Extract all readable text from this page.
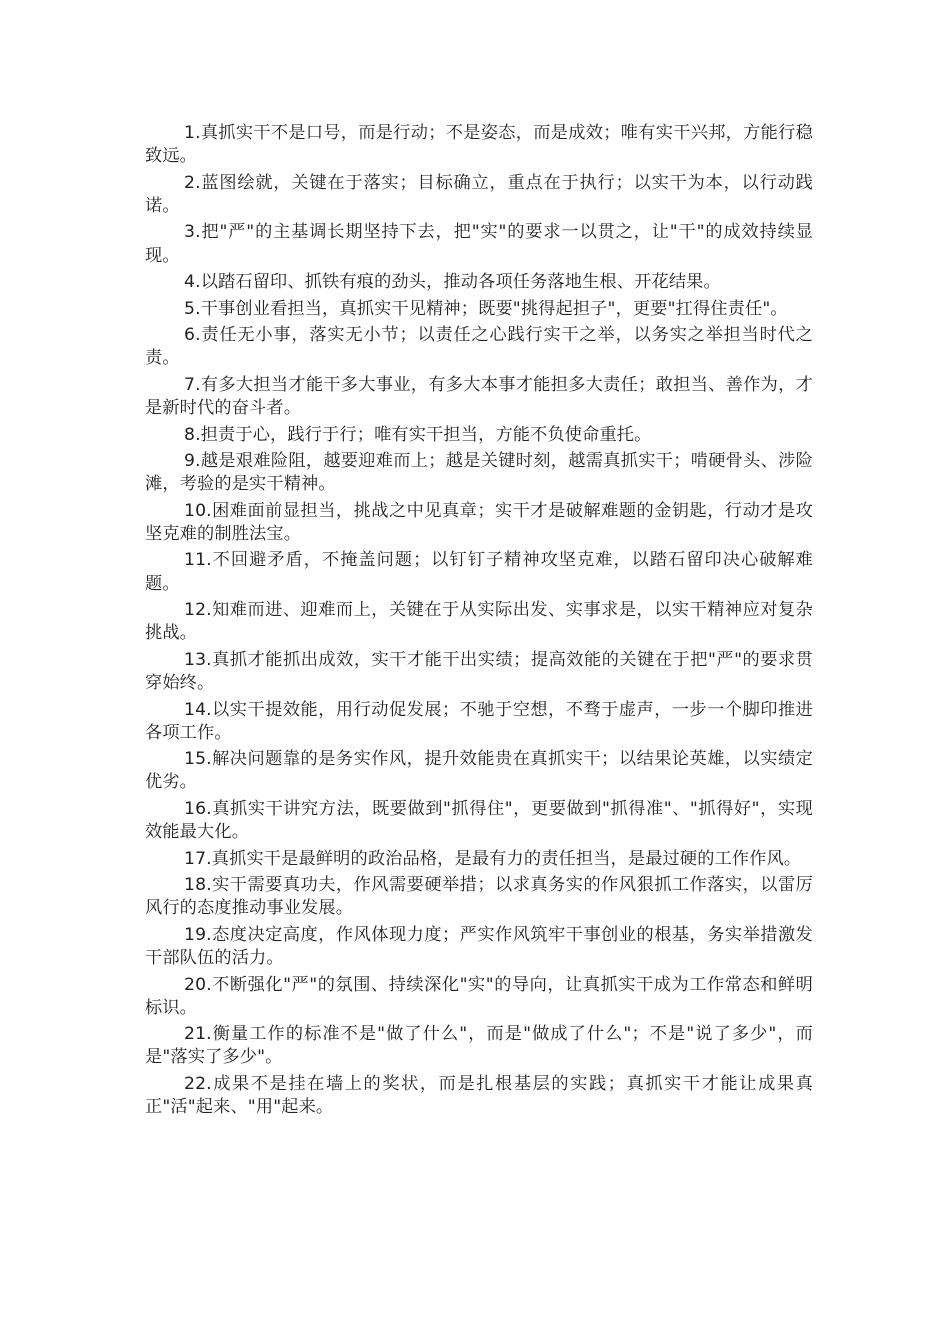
1.真抓实干不是口号，而是行动；不是姿态，而是成效；唯有实干兴邦，方能行稳致远。

2.蓝图绘就，关键在于落实；目标确立，重点在于执行；以实干为本，以行动践诺。

3.把"严"的主基调长期坚持下去，把"实"的要求一以贯之，让"干"的成效持续显现。

4.以踏石留印、抓铁有痕的劲头，推动各项任务落地生根、开花结果。

5.干事创业看担当，真抓实干见精神；既要"挑得起担子"，更要"扛得住责任"。

6.责任无小事，落实无小节；以责任之心践行实干之举，以务实之举担当时代之责。

7.有多大担当才能干多大事业，有多大本事才能担多大责任；敢担当、善作为，才是新时代的奋斗者。

8.担责于心，践行于行；唯有实干担当，方能不负使命重托。

9.越是艰难险阻，越要迎难而上；越是关键时刻，越需真抓实干；啃硬骨头、涉险滩，考验的是实干精神。

10.困难面前显担当，挑战之中见真章；实干才是破解难题的金钥匙，行动才是攻坚克难的制胜法宝。

11.不回避矛盾，不掩盖问题；以钉钉子精神攻坚克难，以踏石留印决心破解难题。

12.知难而进、迎难而上，关键在于从实际出发、实事求是，以实干精神应对复杂挑战。

13.真抓才能抓出成效，实干才能干出实绩；提高效能的关键在于把"严"的要求贯穿始终。

14.以实干提效能，用行动促发展；不驰于空想，不骛于虚声，一步一个脚印推进各项工作。

15.解决问题靠的是务实作风，提升效能贵在真抓实干；以结果论英雄，以实绩定优劣。

16.真抓实干讲究方法，既要做到"抓得住"，更要做到"抓得准"、"抓得好"，实现效能最大化。

17.真抓实干是最鲜明的政治品格，是最有力的责任担当，是最过硬的工作作风。

18.实干需要真功夫，作风需要硬举措；以求真务实的作风狠抓工作落实，以雷厉风行的态度推动事业发展。

19.态度决定高度，作风体现力度；严实作风筑牢干事创业的根基，务实举措激发干部队伍的活力。

20.不断强化"严"的氛围、持续深化"实"的导向，让真抓实干成为工作常态和鲜明标识。

21.衡量工作的标准不是"做了什么"，而是"做成了什么"；不是"说了多少"，而是"落实了多少"。

22.成果不是挂在墙上的奖状，而是扎根基层的实践；真抓实干才能让成果真正"活"起来、"用"起来。
